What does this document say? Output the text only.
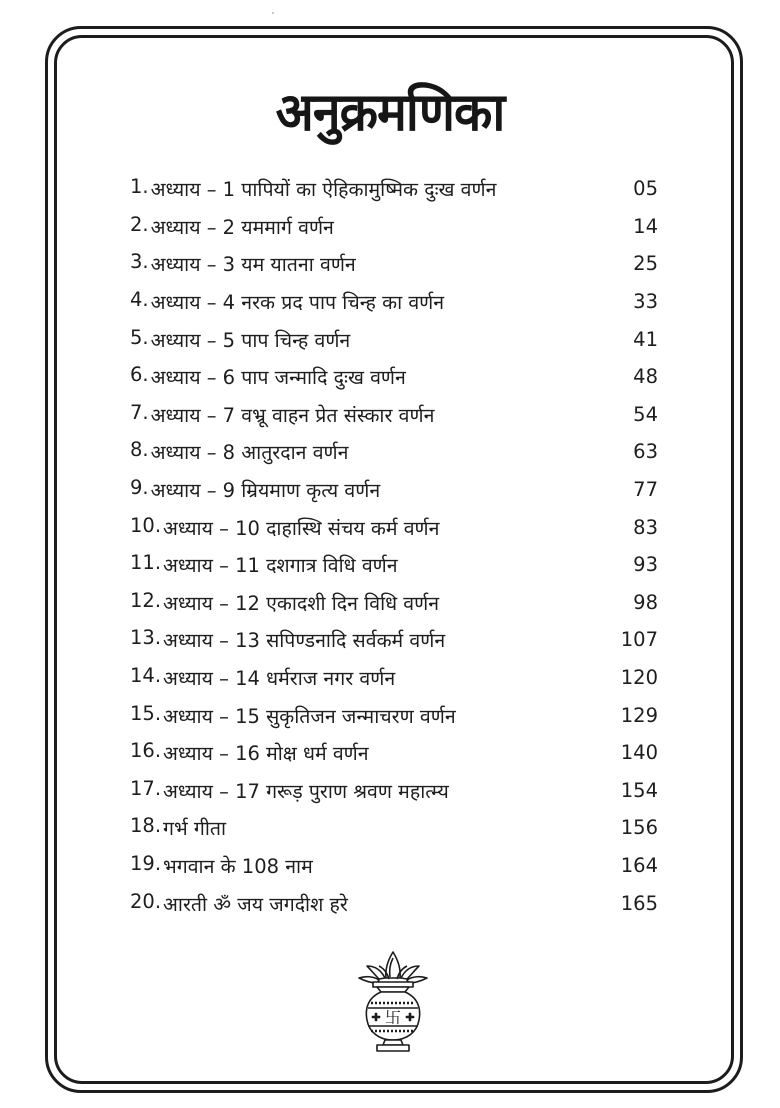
अनुक्रमणिका
1. अध्याय – 1 पापियों का ऐहिकामुष्मिक दुःख वर्णन	05
2. अध्याय – 2 यममार्ग वर्णन	14
3. अध्याय – 3 यम यातना वर्णन	25
4. अध्याय – 4 नरक प्रद पाप चिन्ह का वर्णन	33
5. अध्याय – 5 पाप चिन्ह वर्णन	41
6. अध्याय – 6 पाप जन्मादि दुःख वर्णन	48
7. अध्याय – 7 वभ्रू वाहन प्रेत संस्कार वर्णन	54
8. अध्याय – 8 आतुरदान वर्णन	63
9. अध्याय – 9 म्रियमाण कृत्य वर्णन	77
10. अध्याय – 10 दाहास्थि संचय कर्म वर्णन	83
11. अध्याय – 11 दशगात्र विधि वर्णन	93
12. अध्याय – 12 एकादशी दिन विधि वर्णन	98
13. अध्याय – 13 सपिण्डनादि सर्वकर्म वर्णन	107
14. अध्याय – 14 धर्मराज नगर वर्णन	120
15. अध्याय – 15 सुकृतिजन जन्माचरण वर्णन	129
16. अध्याय – 16 मोक्ष धर्म वर्णन	140
17. अध्याय – 17 गरूड़ पुराण श्रवण महात्म्य	154
18. गर्भ गीता	156
19. भगवान के 108 नाम	164
20. आरती ॐ जय जगदीश हरे	165
卐
